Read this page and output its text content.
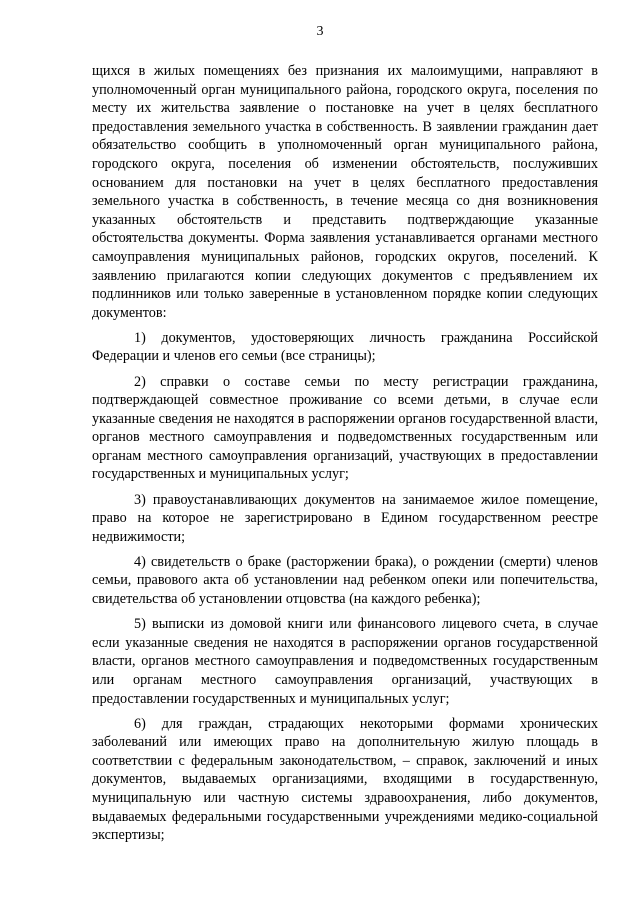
3

щихся в жилых помещениях без признания их малоимущими, направляют в уполномоченный орган муниципального района, городского округа, поселения по месту их жительства заявление о постановке на учет в целях бесплатного предоставления земельного участка в собственность. В заявлении гражданин дает обязательство сообщить в уполномоченный орган муниципального района, городского округа, поселения об изменении обстоятельств, послуживших основанием для постановки на учет в целях бесплатного предоставления земельного участка в собственность, в течение месяца со дня возникновения указанных обстоятельств и представить подтверждающие указанные обстоятельства документы. Форма заявления устанавливается органами местного самоуправления муниципальных районов, городских округов, поселений. К заявлению прилагаются копии следующих документов с предъявлением их подлинников или только заверенные в установленном порядке копии следующих документов:

1) документов, удостоверяющих личность гражданина Российской Федерации и членов его семьи (все страницы);

2) справки о составе семьи по месту регистрации гражданина, подтверждающей совместное проживание со всеми детьми, в случае если указанные сведения не находятся в распоряжении органов государственной власти, органов местного самоуправления и подведомственных государственным или органам местного самоуправления организаций, участвующих в предоставлении государственных и муниципальных услуг;

3) правоустанавливающих документов на занимаемое жилое помещение, право на которое не зарегистрировано в Едином государственном реестре недвижимости;

4) свидетельств о браке (расторжении брака), о рождении (смерти) членов семьи, правового акта об установлении над ребенком опеки или попечительства, свидетельства об установлении отцовства (на каждого ребенка);

5) выписки из домовой книги или финансового лицевого счета, в случае если указанные сведения не находятся в распоряжении органов государственной власти, органов местного самоуправления и подведомственных государственным или органам местного самоуправления организаций, участвующих в предоставлении государственных и муниципальных услуг;

6) для граждан, страдающих некоторыми формами хронических заболеваний или имеющих право на дополнительную жилую площадь в соответствии с федеральным законодательством, – справок, заключений и иных документов, выдаваемых организациями, входящими в государственную, муниципальную или частную системы здравоохранения, либо документов, выдаваемых федеральными государственными учреждениями медико-социальной экспертизы;
